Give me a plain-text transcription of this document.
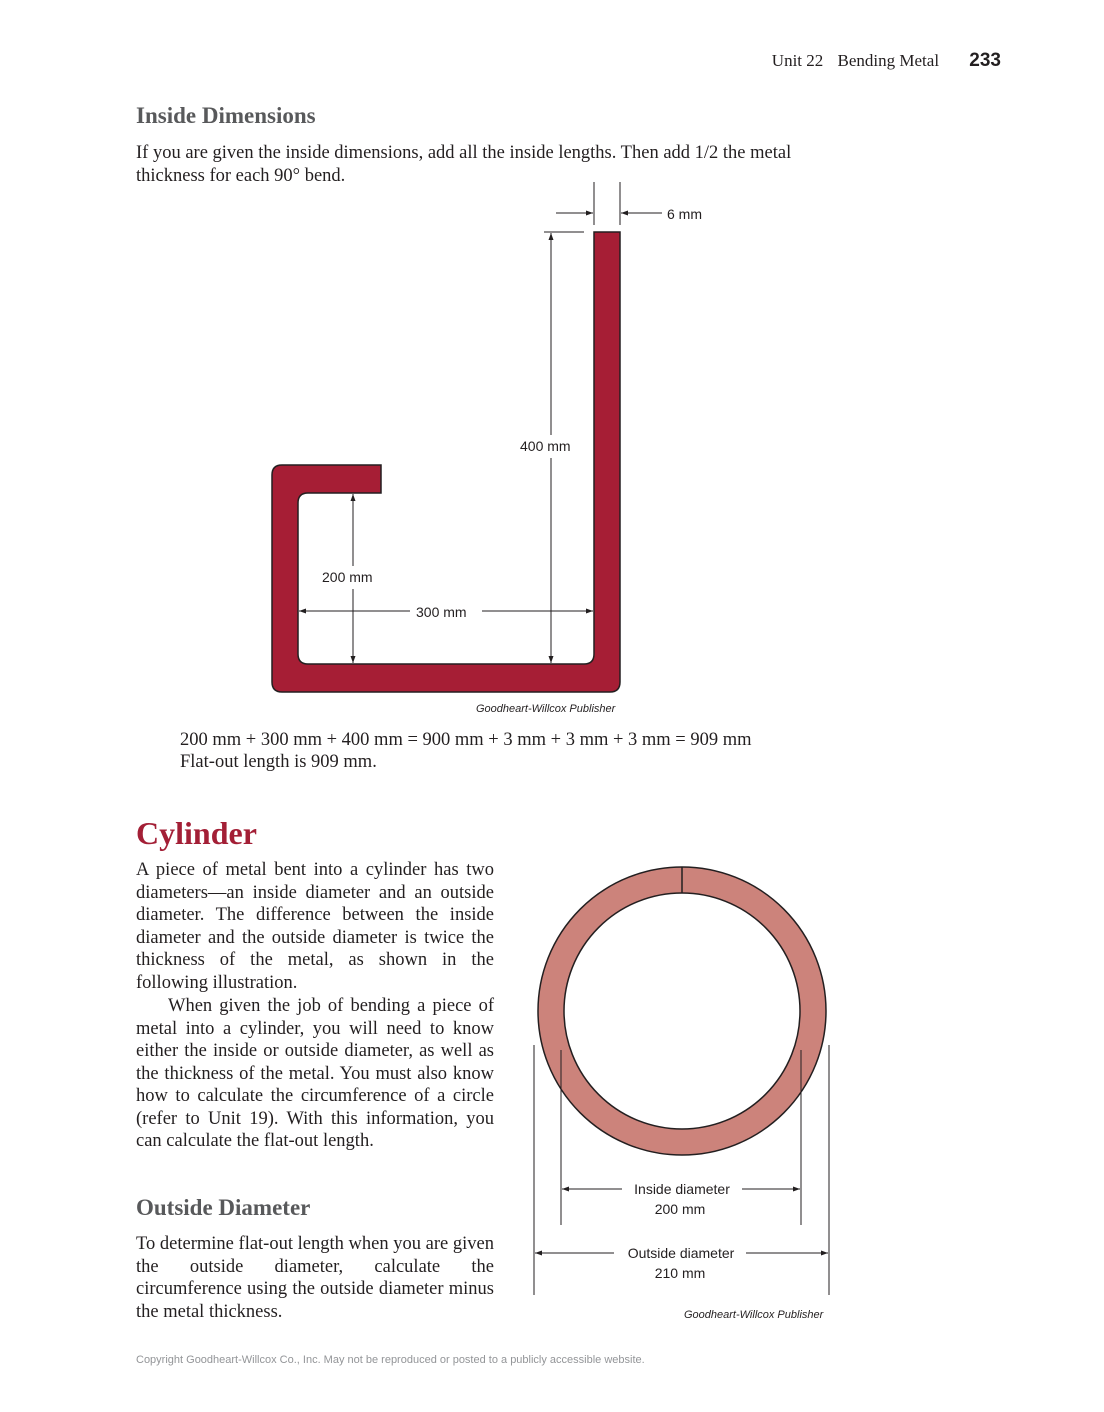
Unit 22 Bending Metal 233
Inside Dimensions

If you are given the inside dimensions, add all the inside lengths. Then add 1/2 the metal thickness for each 90° bend.

6 mm
400 mm
200 mm
300 mm
Goodheart-Willcox Publisher

200 mm + 300 mm + 400 mm = 900 mm + 3 mm + 3 mm + 3 mm = 909 mm

Flat-out length is 909 mm.

Cylinder

A piece of metal bent into a cylinder has two diameters—an inside diameter and an outside diameter. The difference between the inside diameter and the outside diameter is twice the thickness of the metal, as shown in the following illustration.

When given the job of bending a piece of metal into a cylinder, you will need to know either the inside or outside diameter, as well as the thickness of the metal. You must also know how to calculate the circumference of a circle (refer to Unit 19). With this information, you can calculate the flat-out length.

Outside Diameter

To determine flat-out length when you are given the outside diameter, calculate the circumference using the outside diameter minus the metal thickness.

Inside diameter
200 mm
Outside diameter
210 mm
Goodheart-Willcox Publisher
Copyright Goodheart-Willcox Co., Inc. May not be reproduced or posted to a publicly accessible website.
